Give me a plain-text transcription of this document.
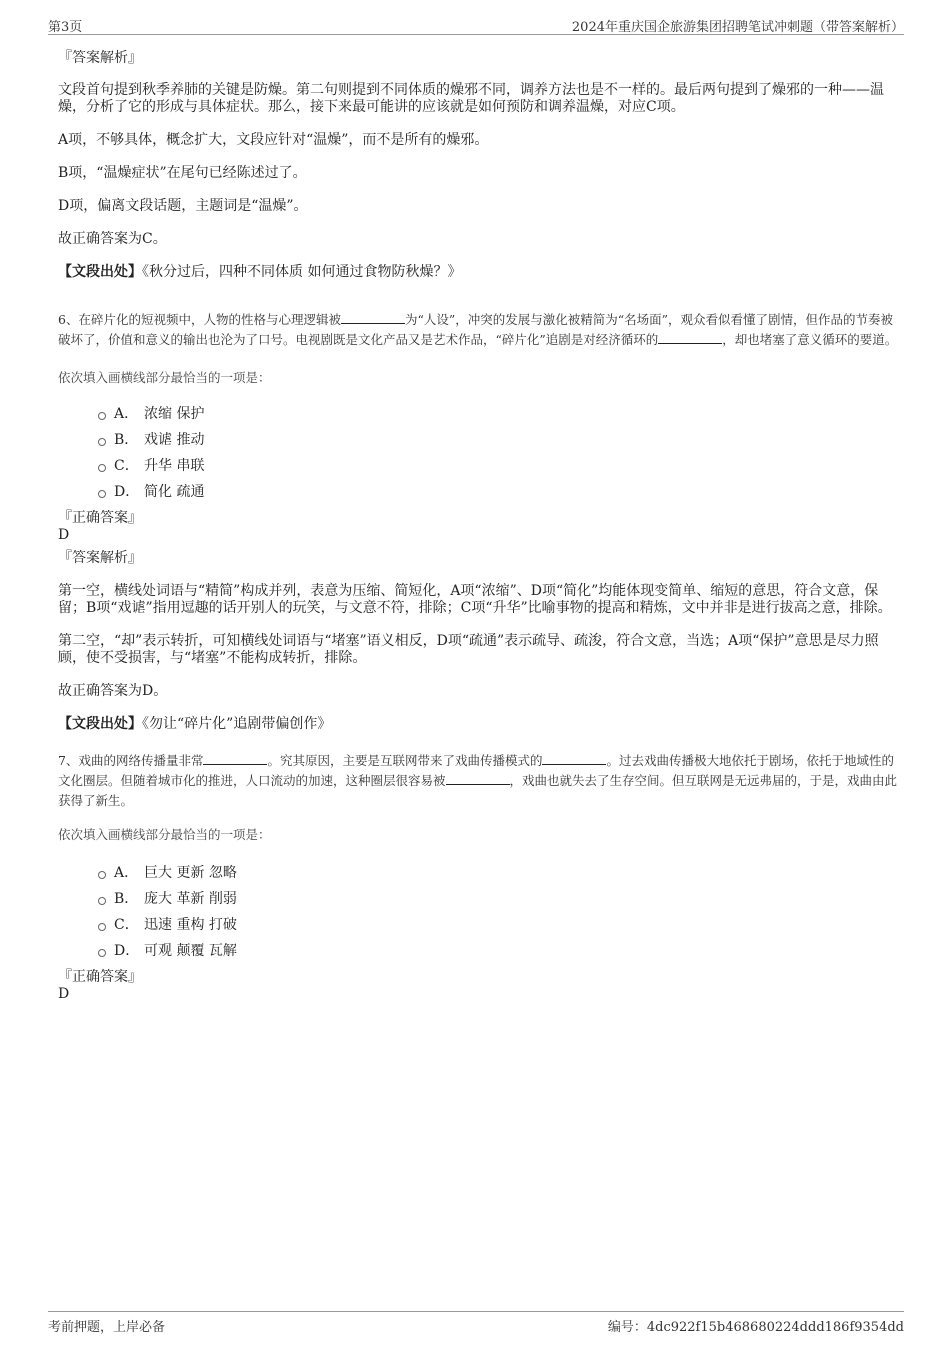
第3页	2024年重庆国企旅游集团招聘笔试冲刺题（带答案解析）

『答案解析』

文段首句提到秋季养肺的关键是防燥。第二句则提到不同体质的燥邪不同，调养方法也是不一样的。最后两句提到了燥邪的一种——温燥，分析了它的形成与具体症状。那么，接下来最可能讲的应该就是如何预防和调养温燥，对应C项。

A项，不够具体，概念扩大，文段应针对“温燥”，而不是所有的燥邪。

B项，“温燥症状”在尾句已经陈述过了。

D项，偏离文段话题，主题词是“温燥”。

故正确答案为C。

【文段出处】《秋分过后，四种不同体质 如何通过食物防秋燥？》

6、在碎片化的短视频中，人物的性格与心理逻辑被	为“人设”，冲突的发展与激化被精简为“名场面”，观众看似看懂了剧情，但作品的节奏被破坏了，价值和意义的输出也沦为了口号。电视剧既是文化产品又是艺术作品，“碎片化”追剧是对经济循环的	，却也堵塞了意义循环的要道。

依次填入画横线部分最恰当的一项是：

A． 浓缩 保护
B． 戏谑 推动
C． 升华 串联
D． 简化 疏通

『正确答案』

D

『答案解析』

第一空，横线处词语与“精简”构成并列，表意为压缩、简短化，A项“浓缩”、D项“简化”均能体现变简单、缩短的意思，符合文意，保留；B项“戏谑”指用逗趣的话开别人的玩笑，与文意不符，排除；C项“升华”比喻事物的提高和精炼，文中并非是进行拔高之意，排除。

第二空，“却”表示转折，可知横线处词语与“堵塞”语义相反，D项“疏通”表示疏导、疏浚，符合文意，当选；A项“保护”意思是尽力照顾，使不受损害，与“堵塞”不能构成转折，排除。

故正确答案为D。

【文段出处】《勿让“碎片化”追剧带偏创作》

7、戏曲的网络传播量非常	。究其原因，主要是互联网带来了戏曲传播模式的	。过去戏曲传播极大地依托于剧场，依托于地域性的文化圈层。但随着城市化的推进，人口流动的加速，这种圈层很容易被	，戏曲也就失去了生存空间。但互联网是无远弗届的，于是，戏曲由此获得了新生。

依次填入画横线部分最恰当的一项是：

A． 巨大 更新 忽略
B． 庞大 革新 削弱
C． 迅速 重构 打破
D． 可观 颠覆 瓦解

『正确答案』

D

考前押题，上岸必备	编号：4dc922f15b468680224ddd186f9354dd
